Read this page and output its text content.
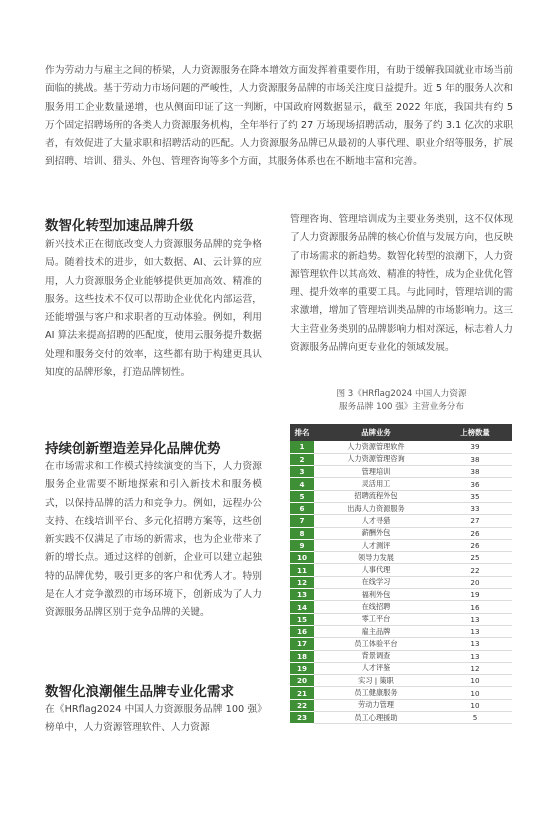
作为劳动力与雇主之间的桥梁，人力资源服务在降本增效方面发挥着重要作用，有助于缓解我国就业市场当前面临的挑战。基于劳动力市场问题的严峻性，人力资源服务品牌的市场关注度日益提升。近 5 年的服务人次和服务用工企业数量递增，也从侧面印证了这一判断，中国政府网数据显示，截至 2022 年底，我国共有约 5 万个固定招聘场所的各类人力资源服务机构，全年举行了约 27 万场现场招聘活动，服务了约 3.1 亿次的求职者，有效促进了大量求职和招聘活动的匹配。人力资源服务品牌已从最初的人事代理、职业介绍等服务，扩展到招聘、培训、猎头、外包、管理咨询等多个方面，其服务体系也在不断地丰富和完善。

数智化转型加速品牌升级

新兴技术正在彻底改变人力资源服务品牌的竞争格局。随着技术的进步，如大数据、AI、云计算的应用，人力资源服务企业能够提供更加高效、精准的服务。这些技术不仅可以帮助企业优化内部运营，还能增强与客户和求职者的互动体验。例如，利用 AI 算法来提高招聘的匹配度，使用云服务提升数据处理和服务交付的效率，这些都有助于构建更具认知度的品牌形象，打造品牌韧性。

持续创新塑造差异化品牌优势

在市场需求和工作模式持续演变的当下，人力资源服务企业需要不断地探索和引入新技术和服务模式，以保持品牌的活力和竞争力。例如，远程办公支持、在线培训平台、多元化招聘方案等，这些创新实践不仅满足了市场的新需求，也为企业带来了新的增长点。通过这样的创新，企业可以建立起独特的品牌优势，吸引更多的客户和优秀人才。特别是在人才竞争激烈的市场环境下，创新成为了人力资源服务品牌区别于竞争品牌的关键。

数智化浪潮催生品牌专业化需求

在《HRflag2024 中国人力资源服务品牌 100 强》榜单中，人力资源管理软件、人力资源

管理咨询、管理培训成为主要业务类别，这不仅体现了人力资源服务品牌的核心价值与发展方向，也反映了市场需求的新趋势。数智化转型的浪潮下，人力资源管理软件以其高效、精准的特性，成为企业优化管理、提升效率的重要工具。与此同时，管理培训的需求激增，增加了管理培训类品牌的市场影响力。这三大主营业务类别的品牌影响力相对深远，标志着人力资源服务品牌向更专业化的领域发展。

图 3《HRflag2024 中国人力资源
服务品牌 100 强》主营业务分布
排名	品牌业务	上榜数量
1	人力资源管理软件	39
2	人力资源管理咨询	38
3	管理培训	38
4	灵活用工	36
5	招聘流程外包	35
6	出海人力资源服务	33
7	人才寻猎	27
8	薪酬外包	26
9	人才测评	26
10	领导力发展	25
11	人事代理	22
12	在线学习	20
13	福利外包	19
14	在线招聘	16
15	零工平台	13
16	雇主品牌	13
17	员工体验平台	13
18	背景调查	13
19	人才评鉴	12
20	实习 | 策职	10
21	员工健康服务	10
22	劳动力管理	10
23	员工心理援助	5
